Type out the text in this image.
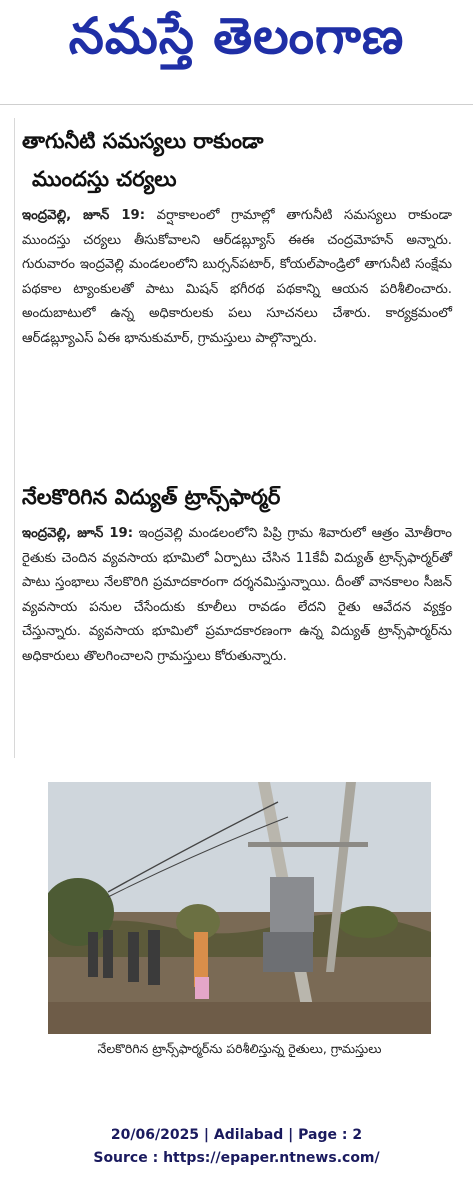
నమస్తే తెలంగాణ
తాగునీటి సమస్యలు రాకుండా
ముందస్తు చర్యలు

ఇంద్రవెల్లి, జూన్ 19: వర్షాకాలంలో గ్రామాల్లో తాగునీటి సమస్యలు రాకుండా ముందస్తు చర్యలు తీసుకోవాలని ఆర్‌డబ్ల్యూస్ ఈఈ చంద్రమోహన్ అన్నారు. గురువారం ఇంద్రవెల్లి మండలంలోని బుర్సన్‌పటార్, కోయల్‌పాండ్రిలో తాగునీటి సంక్షేమ పథకాల ట్యాంకులతో పాటు మిషన్ భగీరథ పథకాన్ని ఆయన పరిశీలించారు. అందుబాటులో ఉన్న అధికారులకు పలు సూచనలు చేశారు. కార్యక్రమంలో ఆర్‌డబ్ల్యూఎస్ ఏఈ భానుకుమార్, గ్రామస్తులు పాల్గొన్నారు.

నేలకొరిగిన విద్యుత్ ట్రాన్స్‌ఫార్మర్

ఇంద్రవెల్లి, జూన్ 19: ఇంద్రవెల్లి మండలంలోని పిప్రి గ్రామ శివారులో ఆత్రం మోతీరాం రైతుకు చెందిన వ్యవసాయ భూమిలో ఏర్పాటు చేసిన 11కేవీ విద్యుత్ ట్రాన్స్‌ఫార్మర్‌తో పాటు స్తంభాలు నేలకొరిగి ప్రమాదకారంగా దర్శనమిస్తున్నాయి. దీంతో వానకాలం సీజన్ వ్యవసాయ పనుల చేసేందుకు కూలీలు రావడం లేదని రైతు ఆవేదన వ్యక్తం చేస్తున్నారు. వ్యవసాయ భూమిలో ప్రమాదకారణంగా ఉన్న విద్యుత్ ట్రాన్స్‌ఫార్మర్‌ను అధికారులు తొలగించాలని గ్రామస్తులు కోరుతున్నారు.

నేలకొరిగిన ట్రాన్స్‌ఫార్మర్‌ను పరిశీలిస్తున్న రైతులు, గ్రామస్తులు
20/06/2025 | Adilabad | Page : 2
Source : https://epaper.ntnews.com/
